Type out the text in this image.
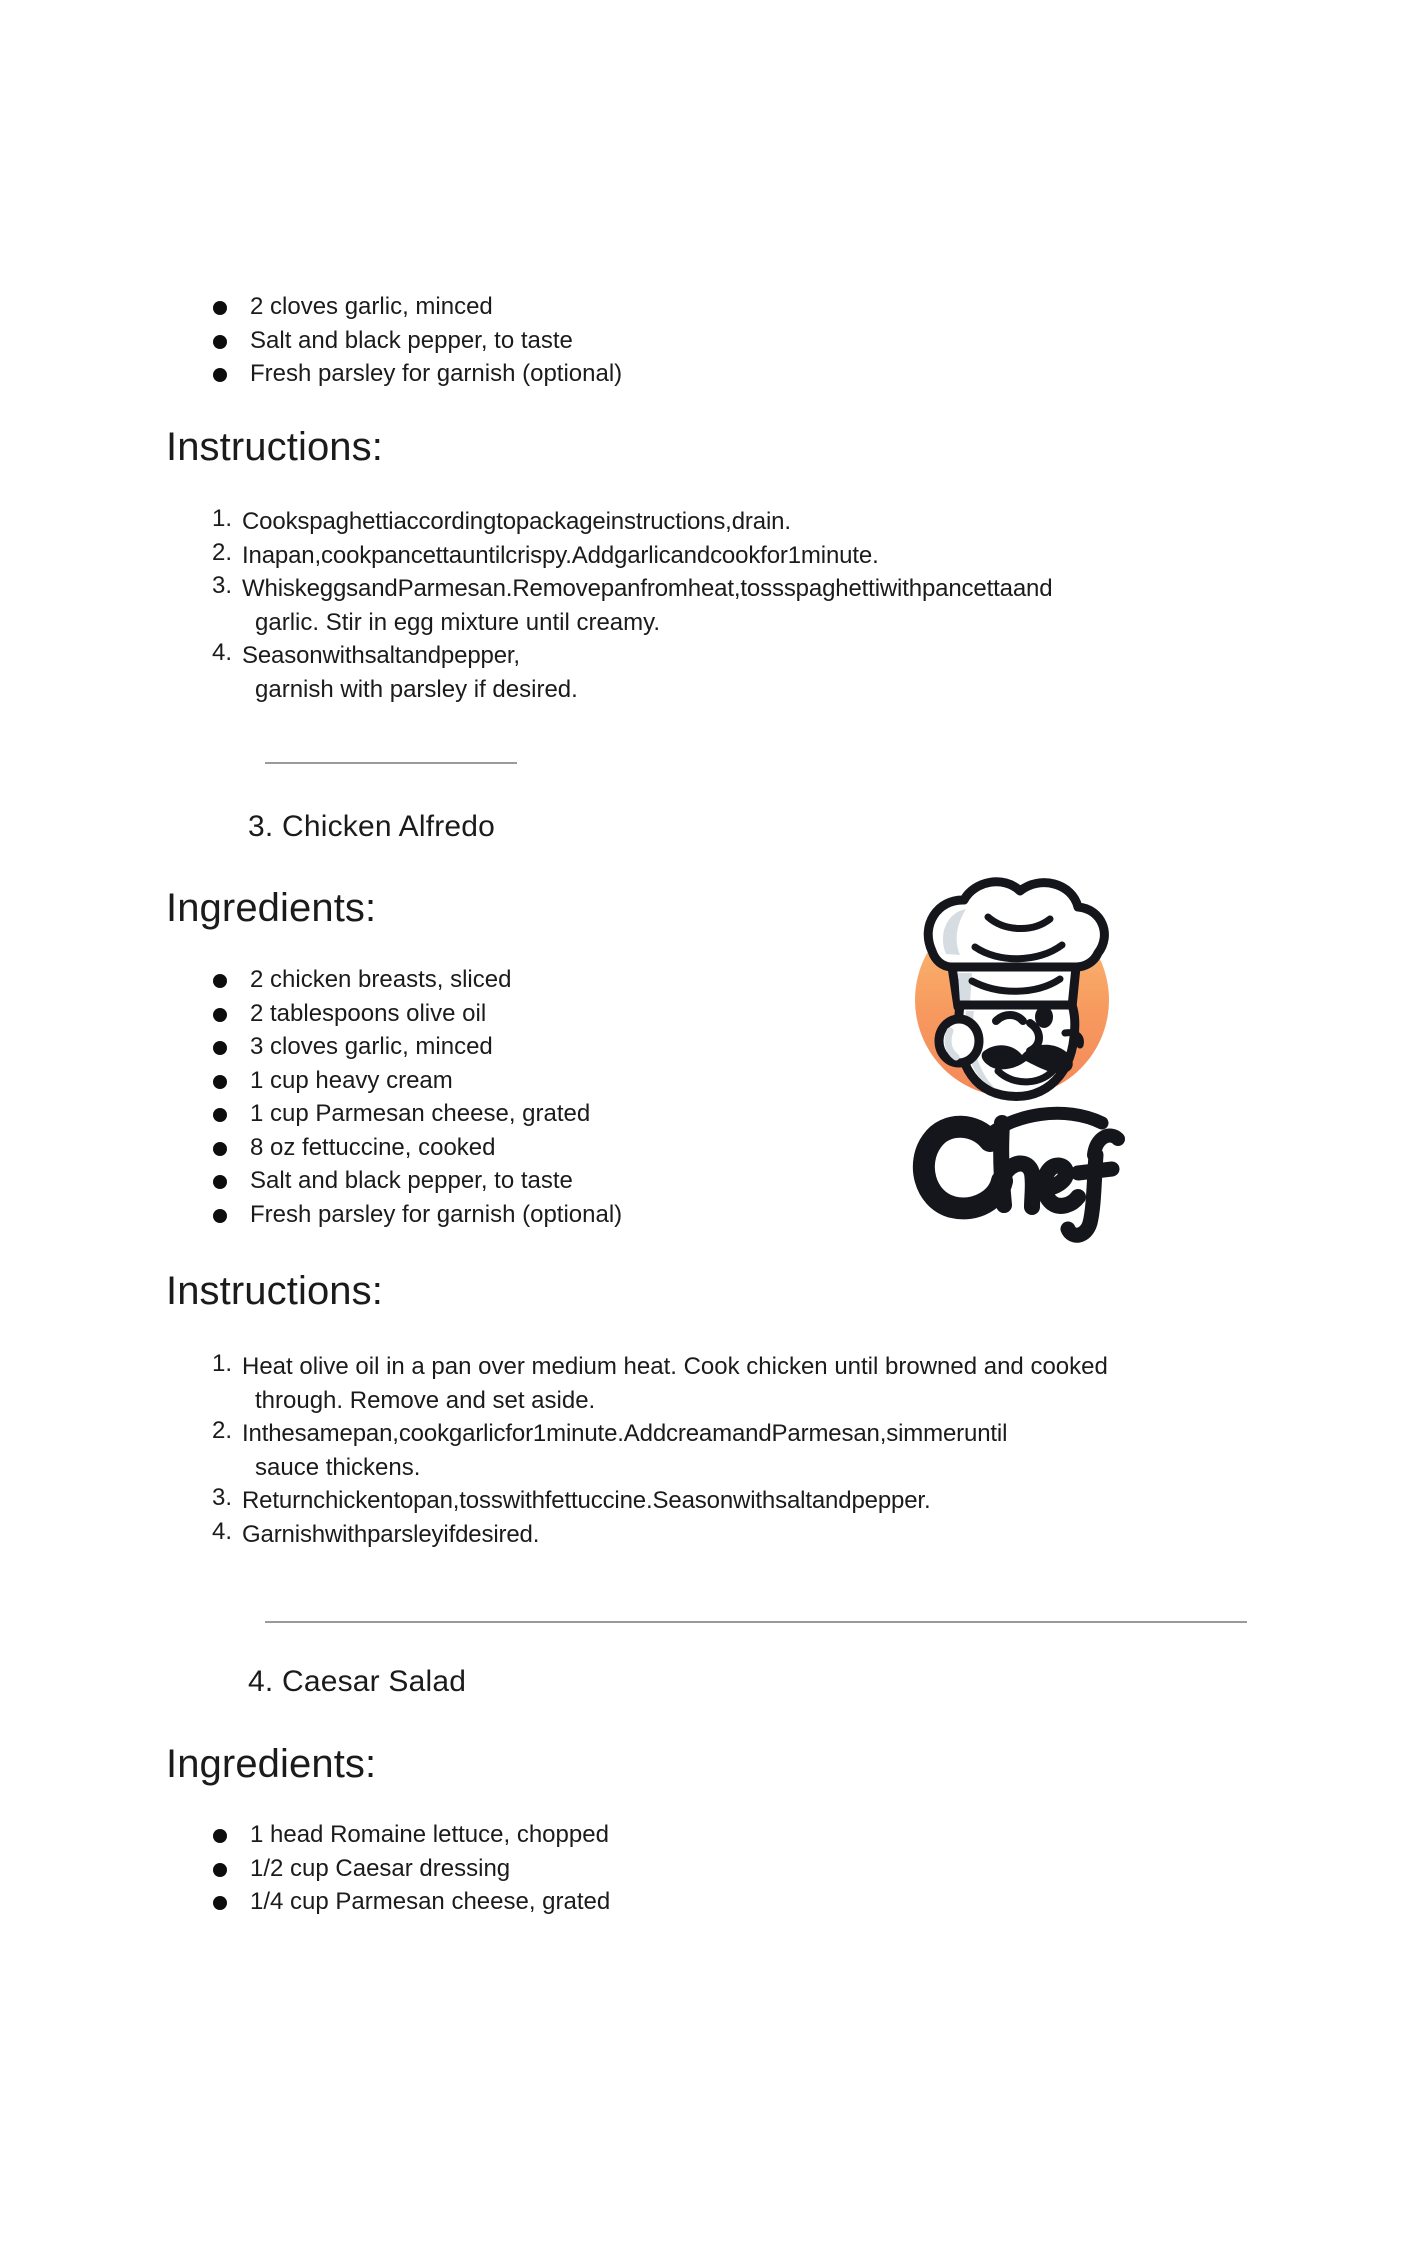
2 cloves garlic, minced
Salt and black pepper, to taste
Fresh parsley for garnish (optional)
Instructions:
1. Cookspaghettiaccordingtopackageinstructions,drain.
2. Inapan,cookpancettauntilcrispy.Addgarlicandcookfor1minute.
3. WhiskeggsandParmesan.Removepanfromheat,tossspaghettiwithpancettaand
garlic. Stir in egg mixture until creamy.
4. Seasonwithsaltandpepper,
garnish with parsley if desired.
3. Chicken Alfredo
Ingredients:
2 chicken breasts, sliced
2 tablespoons olive oil
3 cloves garlic, minced
1 cup heavy cream
1 cup Parmesan cheese, grated
8 oz fettuccine, cooked
Salt and black pepper, to taste
Fresh parsley for garnish (optional)
Instructions:
1. Heat olive oil in a pan over medium heat. Cook chicken until browned and cooked
through. Remove and set aside.
2. Inthesamepan,cookgarlicfor1minute.AddcreamandParmesan,simmeruntil
sauce thickens.
3. Returnchickentopan,tosswithfettuccine.Seasonwithsaltandpepper.
4. Garnishwithparsleyifdesired.
4. Caesar Salad
Ingredients:
1 head Romaine lettuce, chopped
1/2 cup Caesar dressing
1/4 cup Parmesan cheese, grated
